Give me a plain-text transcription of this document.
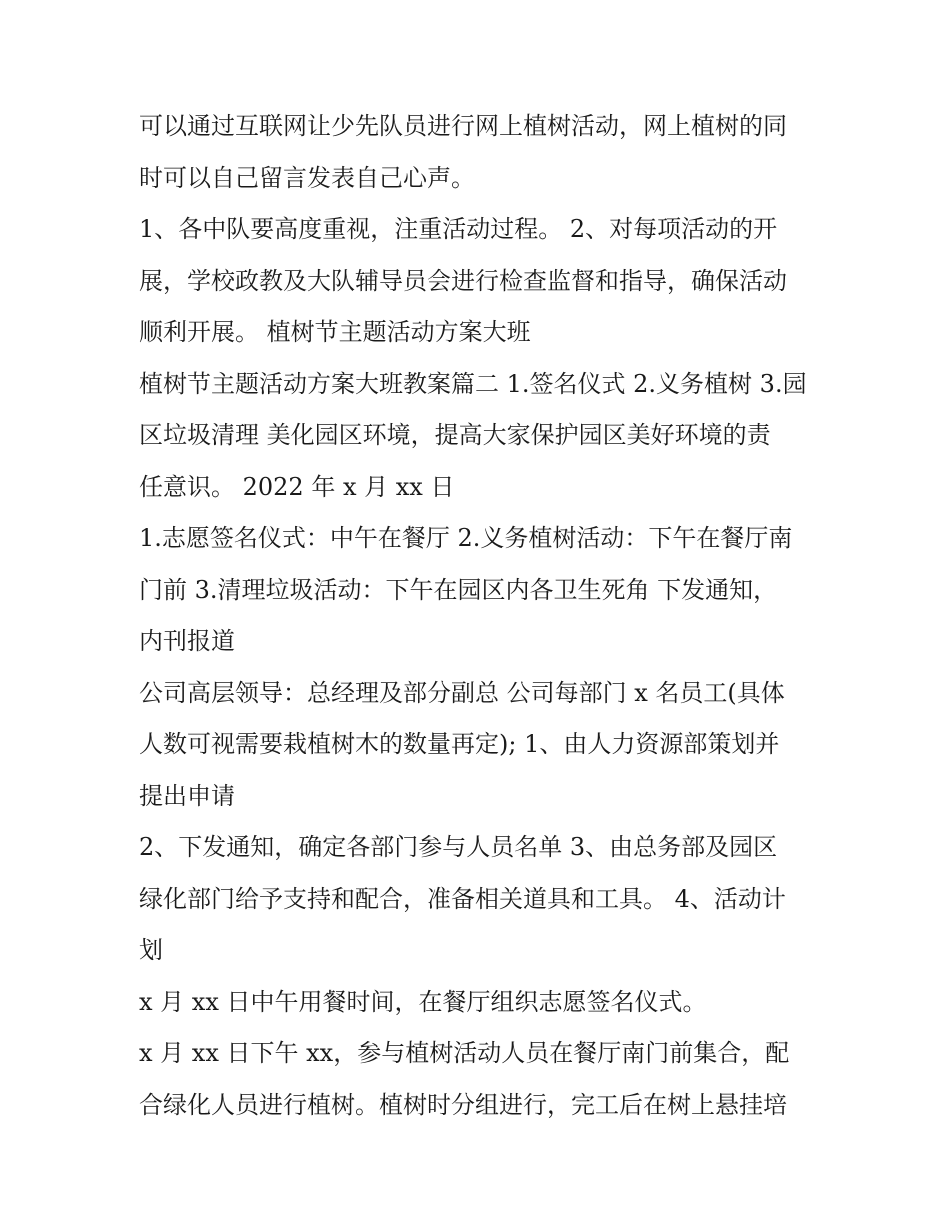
可以通过互联网让少先队员进行网上植树活动，网上植树的同
时可以自己留言发表自己心声。

1、各中队要高度重视，注重活动过程。 2、对每项活动的开
展，学校政教及大队辅导员会进行检查监督和指导，确保活动
顺利开展。 植树节主题活动方案大班

植树节主题活动方案大班教案篇二 1.签名仪式 2.义务植树 3.园
区垃圾清理 美化园区环境，提高大家保护园区美好环境的责
任意识。 2022 年 x 月 xx 日

1.志愿签名仪式：中午在餐厅 2.义务植树活动：下午在餐厅南
门前 3.清理垃圾活动：下午在园区内各卫生死角 下发通知，
内刊报道

公司高层领导：总经理及部分副总 公司每部门 x 名员工(具体
人数可视需要栽植树木的数量再定); 1、由人力资源部策划并
提出申请

2、下发通知，确定各部门参与人员名单 3、由总务部及园区
绿化部门给予支持和配合，准备相关道具和工具。 4、活动计
划

x 月 xx 日中午用餐时间，在餐厅组织志愿签名仪式。

x 月 xx 日下午 xx，参与植树活动人员在餐厅南门前集合，配
合绿化人员进行植树。植树时分组进行，完工后在树上悬挂培
